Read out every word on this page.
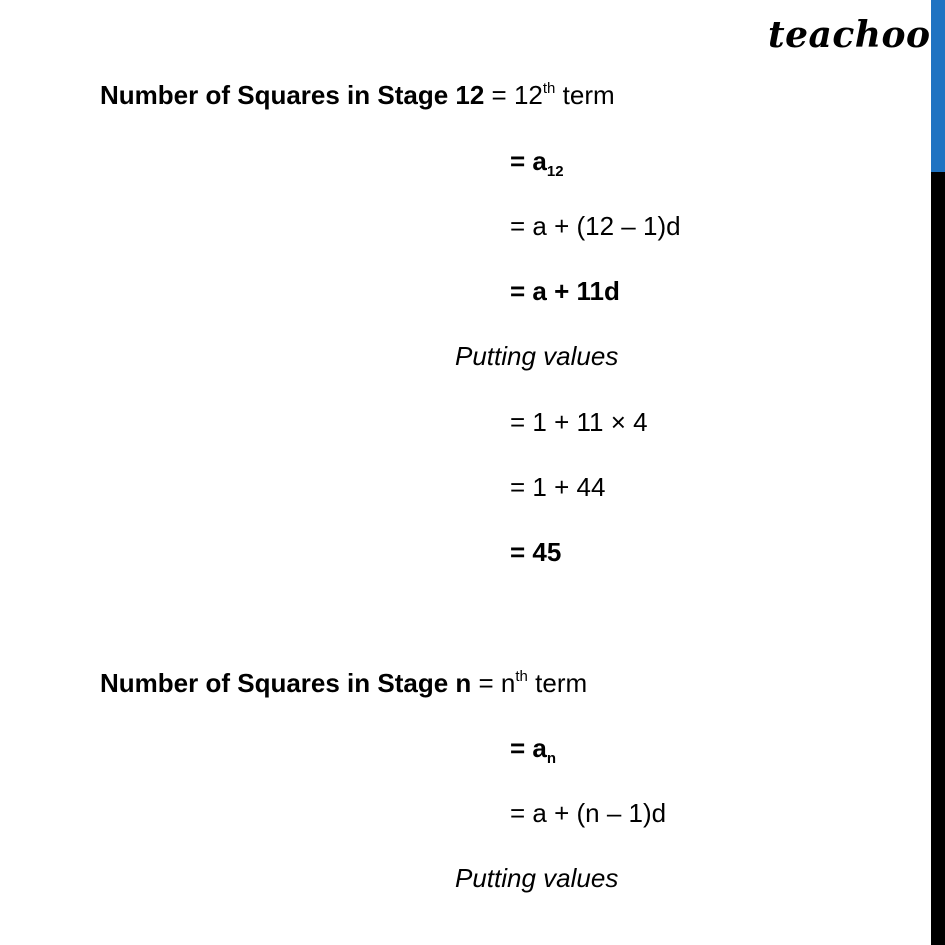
teachoo
Number of Squares in Stage 12 = 12th term
= $a_{12}$
= a + (12 – 1)d
= a + 11d
Putting values
= 1 + 11 × 4
= 1 + 44
= 45
Number of Squares in Stage $n = n^{th}$ term
= $a_n$
= a + (n – 1)d
Putting values
